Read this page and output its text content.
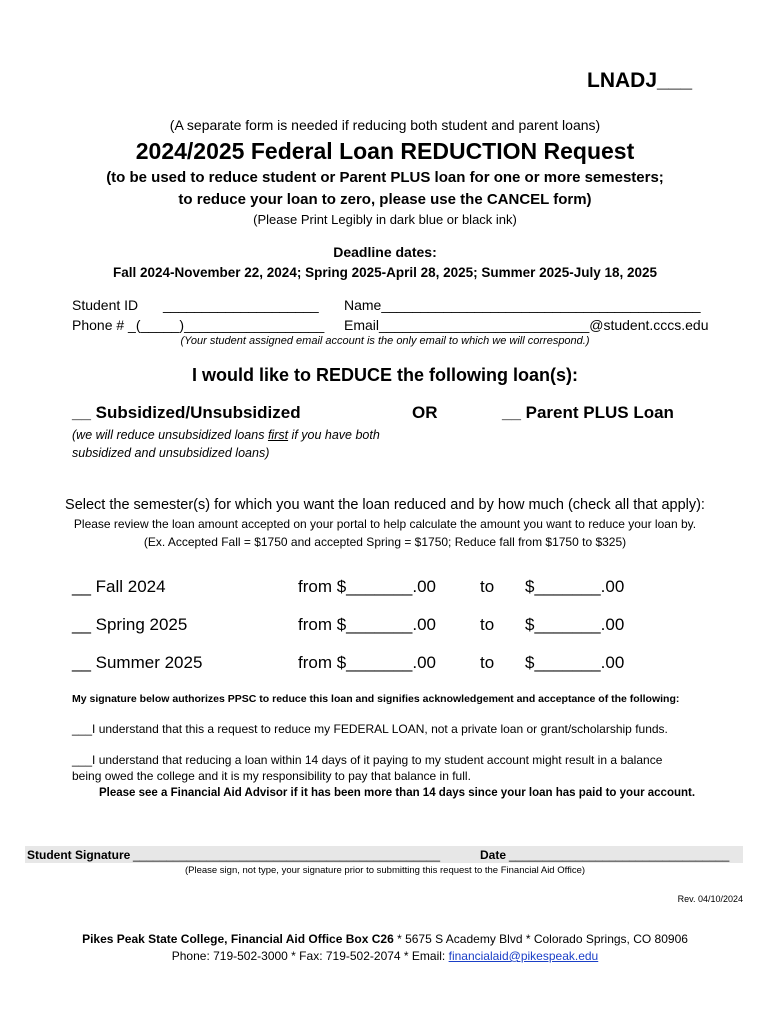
LNADJ___
(A separate form is needed if reducing both student and parent loans)
2024/2025 Federal Loan REDUCTION Request
(to be used to reduce student or Parent PLUS loan for one or more semesters;
to reduce your loan to zero, please use the CANCEL form)
(Please Print Legibly in dark blue or black ink)
Deadline dates:
Fall 2024-November 22, 2024; Spring 2025-April 28, 2025; Summer 2025-July 18, 2025
Student ID ____________________ Name_________________________________________
Phone # _(_____)__________________ Email___________________________@student.cccs.edu
(Your student assigned email account is the only email to which we will correspond.)
I would like to REDUCE the following loan(s):
__ Subsidized/Unsubsidized	OR	__ Parent PLUS Loan
(we will reduce unsubsidized loans first if you have both
subsidized and unsubsidized loans)
Select the semester(s) for which you want the loan reduced and by how much (check all that apply):
Please review the loan amount accepted on your portal to help calculate the amount you want to reduce your loan by.
(Ex. Accepted Fall = $1750 and accepted Spring = $1750; Reduce fall from $1750 to $325)
__ Fall 2024	from $_______.00	to $_______.00
__ Spring 2025	from $_______.00	to $_______.00
__ Summer 2025	from $_______.00	to $_______.00
My signature below authorizes PPSC to reduce this loan and signifies acknowledgement and acceptance of the following:
___I understand that this a request to reduce my FEDERAL LOAN, not a private loan or grant/scholarship funds.
___I understand that reducing a loan within 14 days of it paying to my student account might result in a balance
being owed the college and it is my responsibility to pay that balance in full.
Please see a Financial Aid Advisor if it has been more than 14 days since your loan has paid to your account.
Student Signature ______________________________________________	Date _________________________________
(Please sign, not type, your signature prior to submitting this request to the Financial Aid Office)
Rev. 04/10/2024
Pikes Peak State College, Financial Aid Office Box C26 * 5675 S Academy Blvd * Colorado Springs, CO 80906
Phone: 719-502-3000 * Fax: 719-502-2074 * Email: financialaid@pikespeak.edu
